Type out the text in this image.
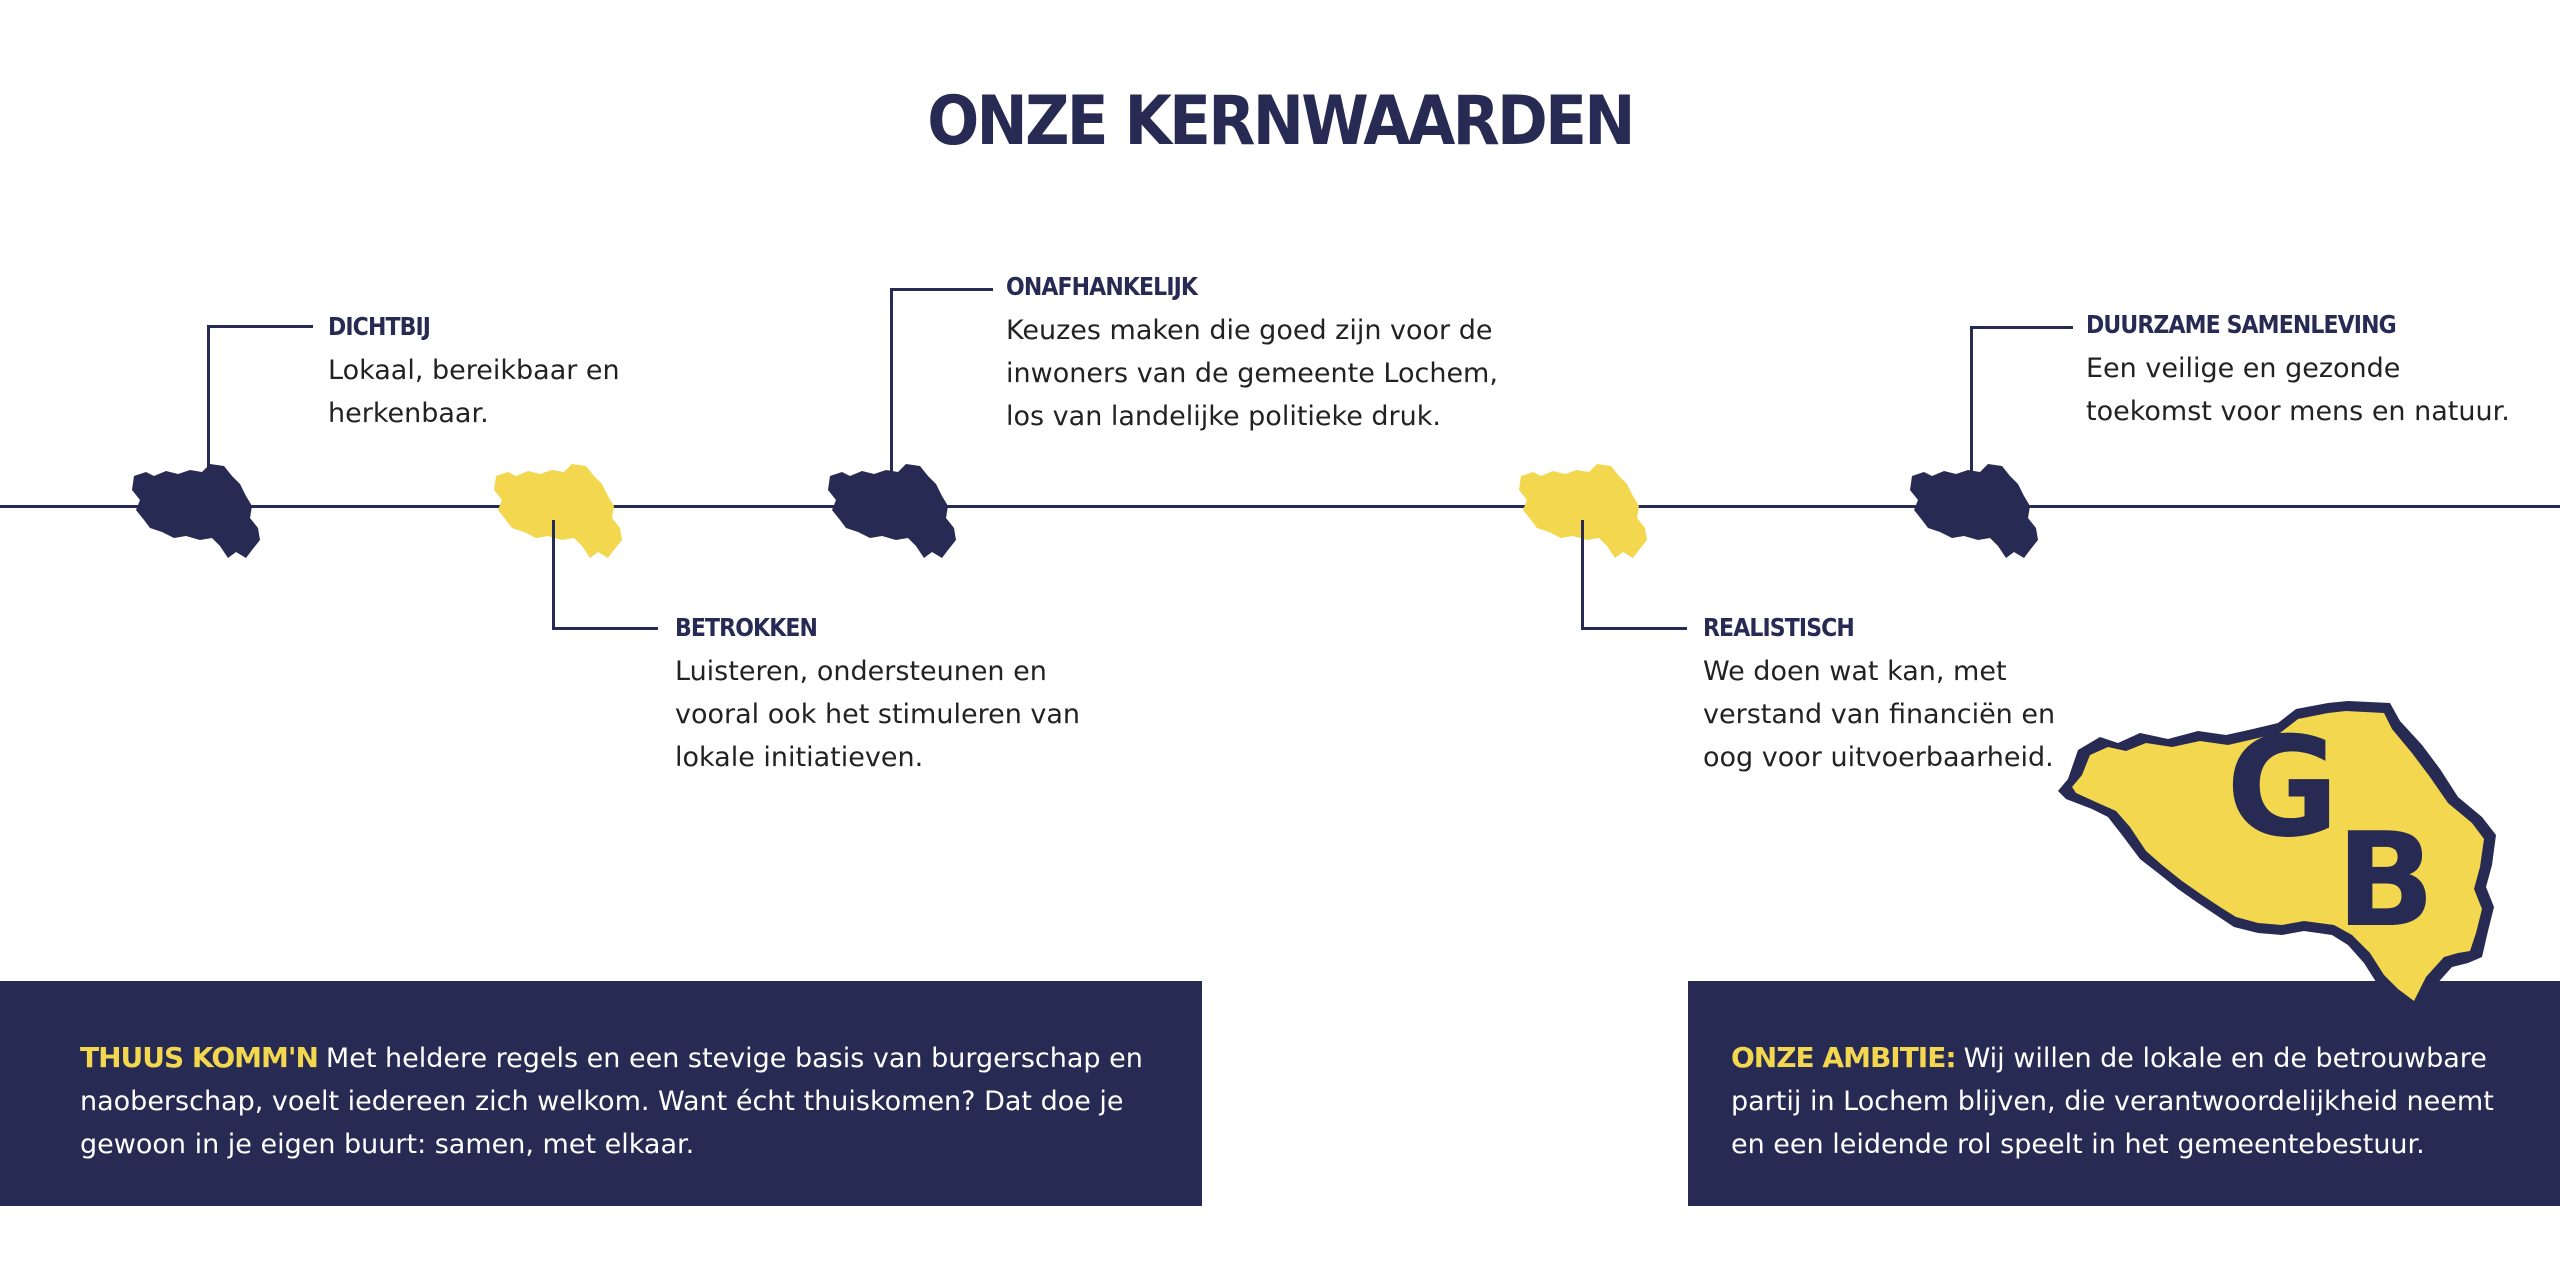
ONZE KERNWAARDEN
DICHTBIJ
Lokaal, bereikbaar en
herkenbaar.
BETROKKEN
Luisteren, ondersteunen en
vooral ook het stimuleren van
lokale initiatieven.
ONAFHANKELIJK
Keuzes maken die goed zijn voor de
inwoners van de gemeente Lochem,
los van landelijke politieke druk.
REALISTISCH
We doen wat kan, met
verstand van financiën en
oog voor uitvoerbaarheid.
DUURZAME SAMENLEVING
Een veilige en gezonde
toekomst voor mens en natuur.
THUUS KOMM'N Met heldere regels en een stevige basis van burgerschap en
naoberschap, voelt iedereen zich welkom. Want écht thuiskomen? Dat doe je
gewoon in je eigen buurt: samen, met elkaar.
ONZE AMBITIE: Wij willen de lokale en de betrouwbare
partij in Lochem blijven, die verantwoordelijkheid neemt
en een leidende rol speelt in het gemeentebestuur.
G
B
